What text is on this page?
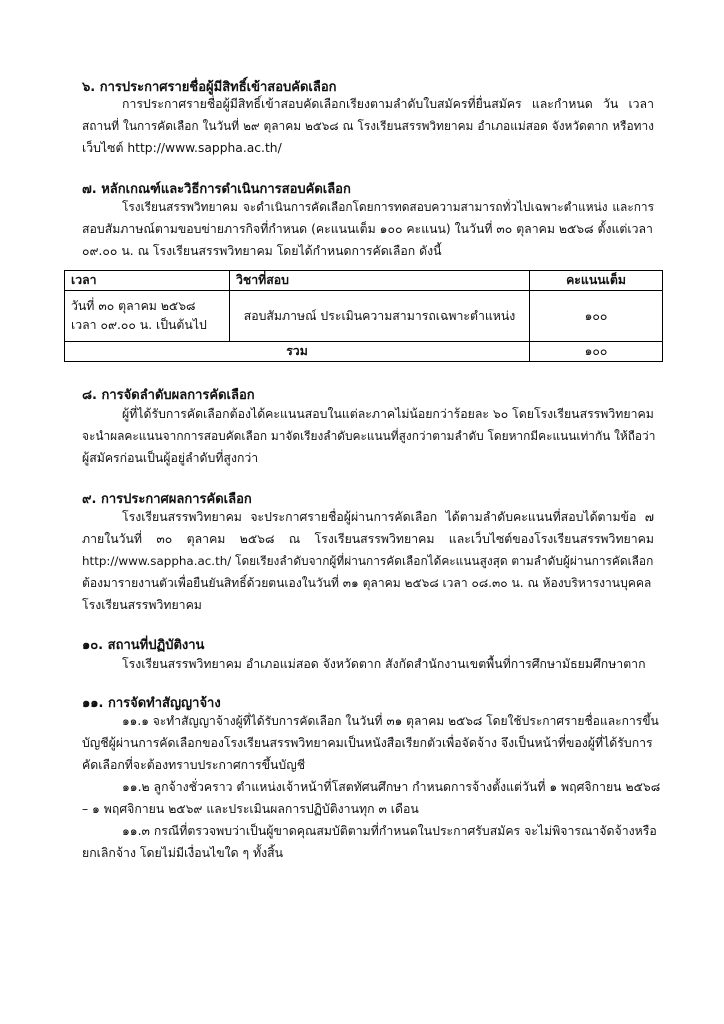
๖. การประกาศรายชื่อผู้มีสิทธิ์เข้าสอบคัดเลือก
การประกาศรายชื่อผู้มีสิทธิ์เข้าสอบคัดเลือกเรียงตามลำดับใบสมัครที่ยื่นสมัคร และกำหนด วัน เวลา
สถานที่ ในการคัดเลือก ในวันที่ ๒๙ ตุลาคม ๒๕๖๘ ณ โรงเรียนสรรพวิทยาคม อำเภอแม่สอด จังหวัดตาก หรือทาง
เว็บไซต์ http://www.sappha.ac.th/
๗. หลักเกณฑ์และวิธีการดำเนินการสอบคัดเลือก
โรงเรียนสรรพวิทยาคม จะดำเนินการคัดเลือกโดยการทดสอบความสามารถทั่วไปเฉพาะตำแหน่ง และการ
สอบสัมภาษณ์ตามขอบข่ายภารกิจที่กำหนด (คะแนนเต็ม ๑๐๐ คะแนน) ในวันที่ ๓๐ ตุลาคม ๒๕๖๘ ตั้งแต่เวลา
๐๙.๐๐ น. ณ โรงเรียนสรรพวิทยาคม โดยได้กำหนดการคัดเลือก ดังนี้
เวลา	วิชาที่สอบ	คะแนนเต็ม

วันที่ ๓๐ ตุลาคม ๒๕๖๘
เวลา ๐๙.๐๐ น. เป็นต้นไป	สอบสัมภาษณ์ ประเมินความสามารถเฉพาะตำแหน่ง	๑๐๐
รวม		๑๐๐
๘. การจัดลำดับผลการคัดเลือก
ผู้ที่ได้รับการคัดเลือกต้องได้คะแนนสอบในแต่ละภาคไม่น้อยกว่าร้อยละ ๖๐ โดยโรงเรียนสรรพวิทยาคม
จะนำผลคะแนนจากการสอบคัดเลือก มาจัดเรียงลำดับคะแนนที่สูงกว่าตามลำดับ โดยหากมีคะแนนเท่ากัน ให้ถือว่า
ผู้สมัครก่อนเป็นผู้อยู่ลำดับที่สูงกว่า
๙. การประกาศผลการคัดเลือก
โรงเรียนสรรพวิทยาคม จะประกาศรายชื่อผู้ผ่านการคัดเลือก ได้ตามลำดับคะแนนที่สอบได้ตามข้อ ๗
ภายในวันที่ ๓๐ ตุลาคม ๒๕๖๘ ณ โรงเรียนสรรพวิทยาคม และเว็บไซต์ของโรงเรียนสรรพวิทยาคม
http://www.sappha.ac.th/ โดยเรียงลำดับจากผู้ที่ผ่านการคัดเลือกได้คะแนนสูงสุด ตามลำดับผู้ผ่านการคัดเลือก
ต้องมารายงานตัวเพื่อยืนยันสิทธิ์ด้วยตนเองในวันที่ ๓๑ ตุลาคม ๒๕๖๘ เวลา ๐๘.๓๐ น. ณ ห้องบริหารงานบุคคล
โรงเรียนสรรพวิทยาคม
๑๐. สถานที่ปฏิบัติงาน
โรงเรียนสรรพวิทยาคม อำเภอแม่สอด จังหวัดตาก สังกัดสำนักงานเขตพื้นที่การศึกษามัธยมศึกษาตาก
๑๑. การจัดทำสัญญาจ้าง
๑๑.๑ จะทำสัญญาจ้างผู้ที่ได้รับการคัดเลือก ในวันที่ ๓๑ ตุลาคม ๒๕๖๘ โดยใช้ประกาศรายชื่อและการขึ้น
บัญชีผู้ผ่านการคัดเลือกของโรงเรียนสรรพวิทยาคมเป็นหนังสือเรียกตัวเพื่อจัดจ้าง จึงเป็นหน้าที่ของผู้ที่ได้รับการ
คัดเลือกที่จะต้องทราบประกาศการขึ้นบัญชี
๑๑.๒ ลูกจ้างชั่วคราว ตำแหน่งเจ้าหน้าที่โสตทัศนศึกษา กำหนดการจ้างตั้งแต่วันที่ ๑ พฤศจิกายน ๒๕๖๘
– ๑ พฤศจิกายน ๒๕๖๙ และประเมินผลการปฏิบัติงานทุก ๓ เดือน
๑๑.๓ กรณีที่ตรวจพบว่าเป็นผู้ขาดคุณสมบัติตามที่กำหนดในประกาศรับสมัคร จะไม่พิจารณาจัดจ้างหรือ
ยกเลิกจ้าง โดยไม่มีเงื่อนไขใด ๆ ทั้งสิ้น
